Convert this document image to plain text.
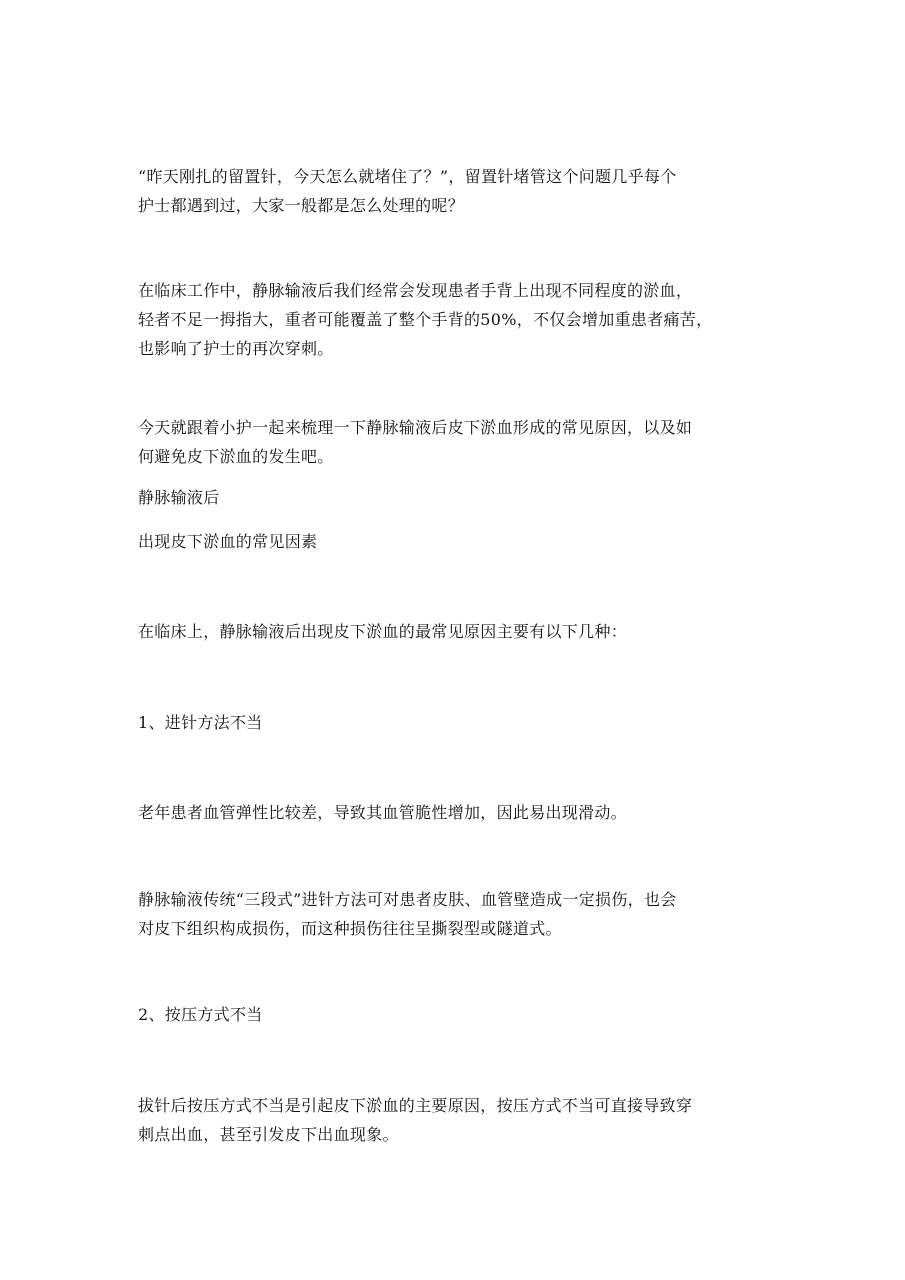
“昨天刚扎的留置针，今天怎么就堵住了？”，留置针堵管这个问题几乎每个
护士都遇到过，大家一般都是怎么处理的呢？

在临床工作中，静脉输液后我们经常会发现患者手背上出现不同程度的淤血，
轻者不足一拇指大，重者可能覆盖了整个手背的50%，不仅会增加重患者痛苦，
也影响了护士的再次穿刺。

今天就跟着小护一起来梳理一下静脉输液后皮下淤血形成的常见原因，以及如
何避免皮下淤血的发生吧。

静脉输液后

出现皮下淤血的常见因素

在临床上，静脉输液后出现皮下淤血的最常见原因主要有以下几种：

1、进针方法不当

老年患者血管弹性比较差，导致其血管脆性增加，因此易出现滑动。

静脉输液传统“三段式”进针方法可对患者皮肤、血管壁造成一定损伤，也会
对皮下组织构成损伤，而这种损伤往往呈撕裂型或隧道式。

2、按压方式不当

拔针后按压方式不当是引起皮下淤血的主要原因，按压方式不当可直接导致穿
刺点出血，甚至引发皮下出血现象。
